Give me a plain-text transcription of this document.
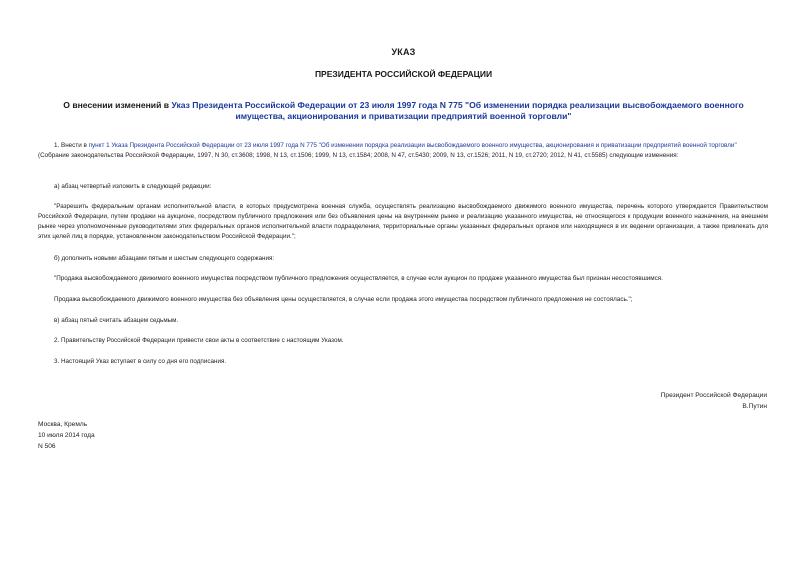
УКАЗ
ПРЕЗИДЕНТА РОССИЙСКОЙ ФЕДЕРАЦИИ
О внесении изменений в Указ Президента Российской Федерации от 23 июля 1997 года N 775 "Об изменении порядка реализации высвобождаемого военного имущества, акционирования и приватизации предприятий военной торговли"
1. Внести в пункт 1 Указа Президента Российской Федерации от 23 июля 1997 года N 775 "Об изменении порядка реализации высвобождаемого военного имущества, акционирования и приватизации предприятий военной торговли" (Собрание законодательства Российской Федерации, 1997, N 30, ст.3608; 1998, N 13, ст.1506; 1999, N 13, ст.1584; 2008, N 47, ст.5430; 2009, N 13, ст.1526; 2011, N 19, ст.2720; 2012, N 41, ст.5585) следующие изменения:
а) абзац четвертый изложить в следующей редакции:
"Разрешить федеральным органам исполнительной власти, в которых предусмотрена военная служба, осуществлять реализацию высвобождаемого движимого военного имущества, перечень которого утверждается Правительством Российской Федерации, путем продажи на аукционе, посредством публичного предложения или без объявления цены на внутреннем рынке и реализацию указанного имущества, не относящегося к продукции военного назначения, на внешнем рынке через уполномоченные руководителями этих федеральных органов исполнительной власти подразделения, территориальные органы указанных федеральных органов или находящиеся в их ведении организации, а также привлекать для этих целей лиц в порядке, установленном законодательством Российской Федерации.";
б) дополнить новыми абзацами пятым и шестым следующего содержания:
"Продажа высвобождаемого движимого военного имущества посредством публичного предложения осуществляется, в случае если аукцион по продаже указанного имущества был признан несостоявшимся.
Продажа высвобождаемого движимого военного имущества без объявления цены осуществляется, в случае если продажа этого имущества посредством публичного предложения не состоялась.";
в) абзац пятый считать абзацем седьмым.
2. Правительству Российской Федерации привести свои акты в соответствие с настоящим Указом.
3. Настоящий Указ вступает в силу со дня его подписания.
Президент Российской Федерации
В.Путин
Москва, Кремль
10 июля 2014 года
N 506
